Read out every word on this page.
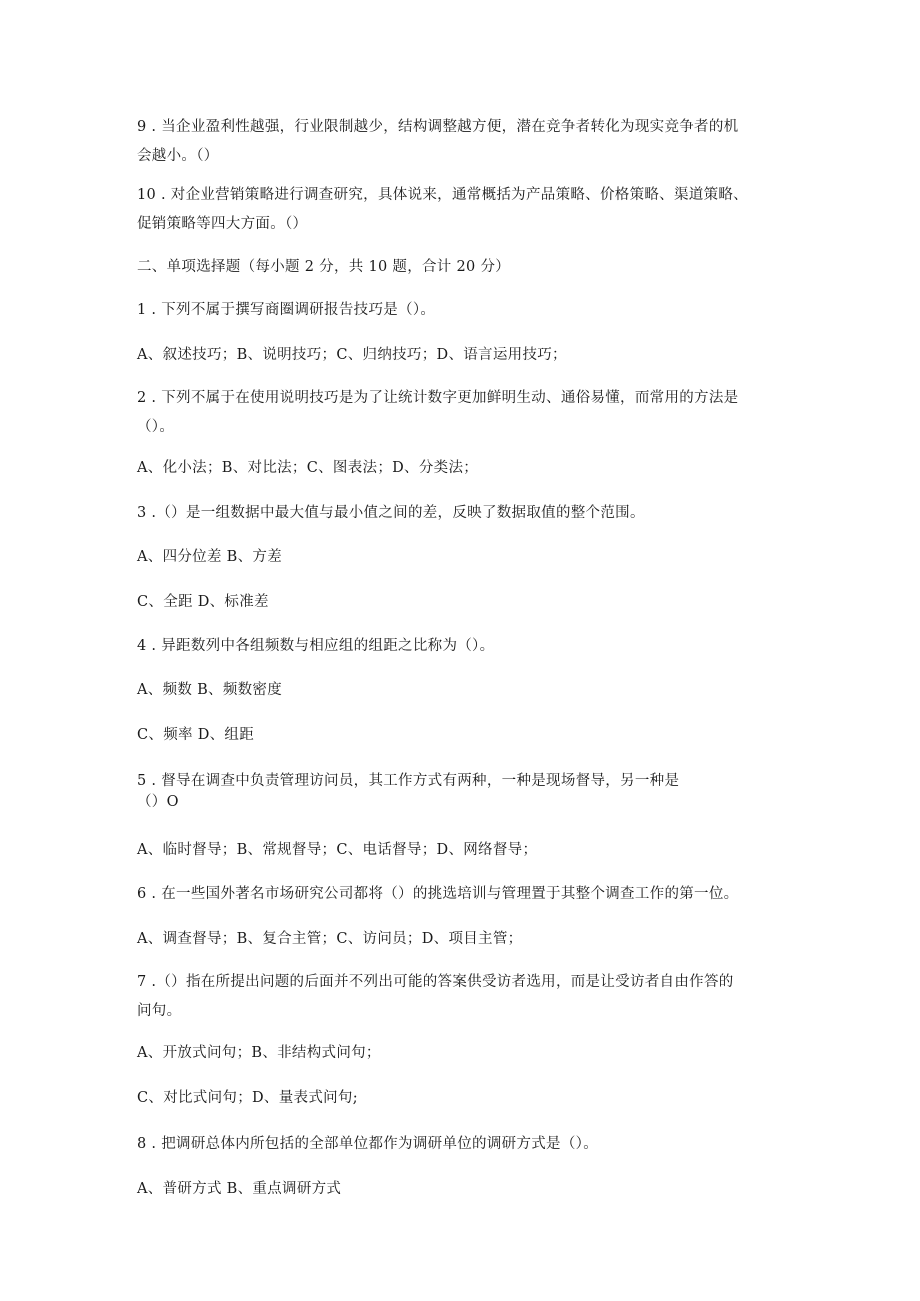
9 . 当企业盈利性越强，行业限制越少，结构调整越方便，潜在竞争者转化为现实竞争者的机
会越小。（）
10 . 对企业营销策略进行调查研究，具体说来，通常概括为产品策略、价格策略、渠道策略、
促销策略等四大方面。（）
二、单项选择题（每小题 2 分，共 10 题，合计 20 分）
1 . 下列不属于撰写商圈调研报告技巧是（）。
A、叙述技巧；B、说明技巧；C、归纳技巧；D、语言运用技巧；
2 . 下列不属于在使用说明技巧是为了让统计数字更加鲜明生动、通俗易懂，而常用的方法是
（）。
A、化小法；B、对比法；C、图表法；D、分类法；
3 .（）是一组数据中最大值与最小值之间的差，反映了数据取值的整个范围。
A、四分位差 B、方差
C、全距 D、标准差
4 . 异距数列中各组频数与相应组的组距之比称为（）。
A、频数 B、频数密度
C、频率 D、组距
5 . 督导在调查中负责管理访问员，其工作方式有两种，一种是现场督导，另一种是
（）O
A、临时督导；B、常规督导；C、电话督导；D、网络督导；
6 . 在一些国外著名市场研究公司都将（）的挑选培训与管理置于其整个调查工作的第一位。
A、调查督导；B、复合主管；C、访问员；D、项目主管；
7 .（）指在所提出问题的后面并不列出可能的答案供受访者选用，而是让受访者自由作答的
问句。
A、开放式问句；B、非结构式问句；
C、对比式问句；D、量表式问句;
8 . 把调研总体内所包括的全部单位都作为调研单位的调研方式是（）。
A、普研方式 B、重点调研方式
